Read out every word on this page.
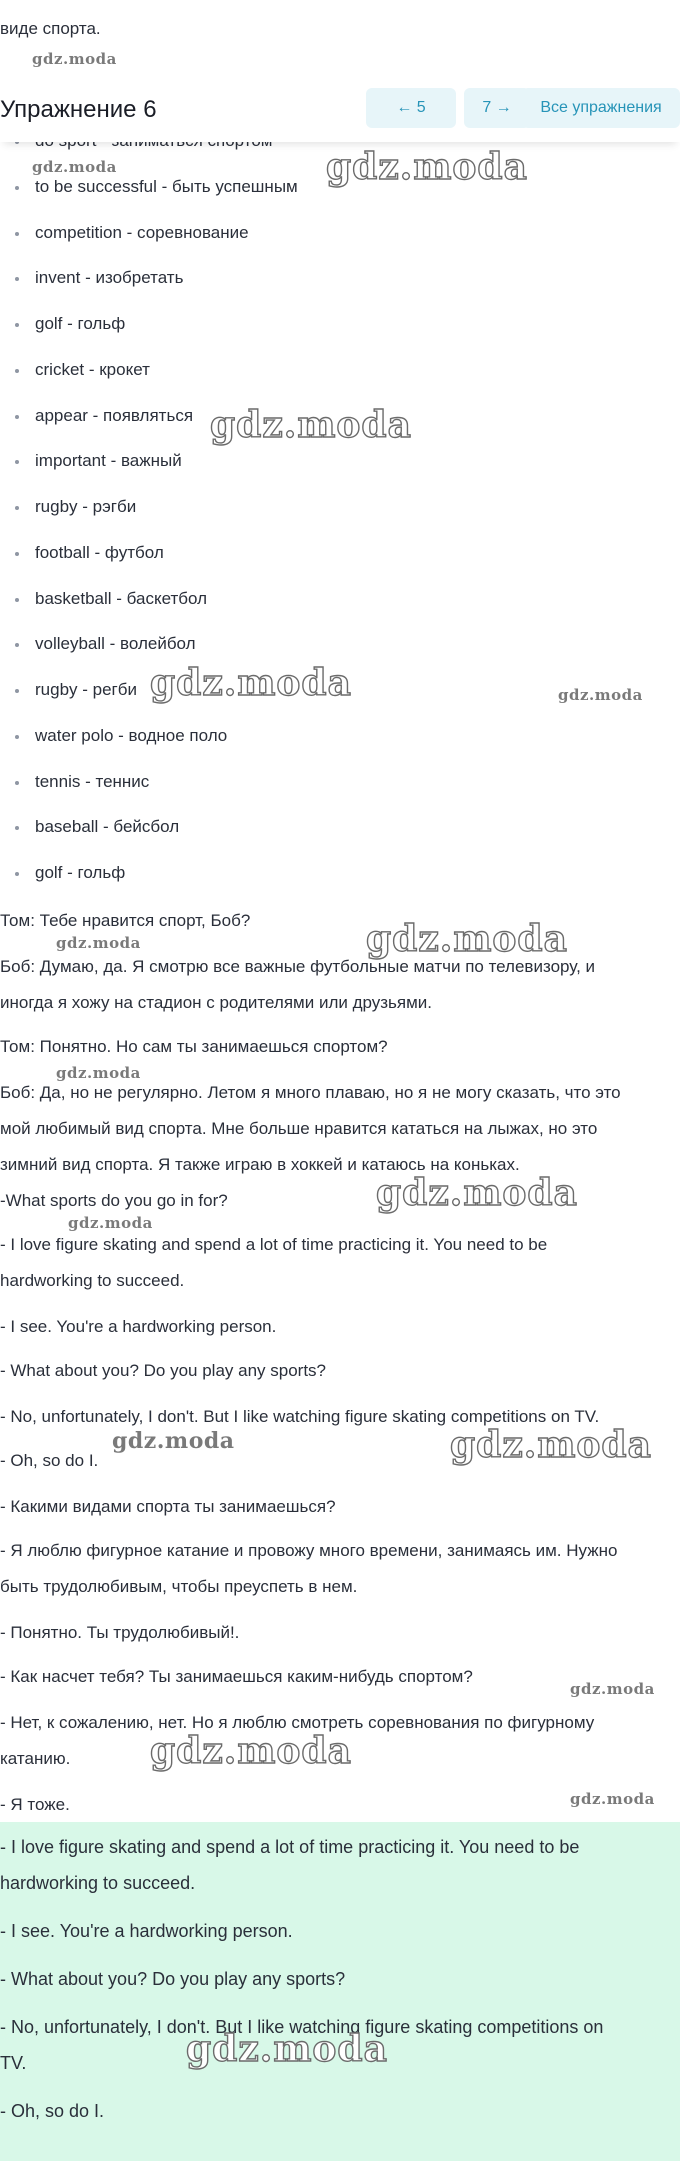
виде спорта.
gdz.moda
to be successful - быть успешным
competition - соревнование
invent - изобретать
golf - гольф
cricket - крокет
appear - появляться
important - важный
rugby - рэгби
football - футбол
basketball - баскетбол
volleyball - волейбол
rugby - регби
water polo - водное поло
tennis - теннис
baseball - бейсбол
golf - гольф
Упражнение 6	← 5	7 →	Все упражнения
gdz.moda	gdz.moda
gdz.moda
gdz.moda	gdz.moda
Том: Тебе нравится спорт, Боб?
gdz.moda	gdz.moda
Боб: Думаю, да. Я смотрю все важные футбольные матчи по телевизору, и
иногда я хожу на стадион с родителями или друзьями.
Том: Понятно. Но сам ты занимаешься спортом?
gdz.moda
Боб: Да, но не регулярно. Летом я много плаваю, но я не могу сказать, что это
мой любимый вид спорта. Мне больше нравится кататься на лыжах, но это
зимний вид спорта. Я также играю в хоккей и катаюсь на коньках.
-What sports do you go in for?	gdz.moda
gdz.moda
- I love figure skating and spend a lot of time practicing it. You need to be
hardworking to succeed.
- I see. You're a hardworking person.
- What about you? Do you play any sports?
- No, unfortunately, I don't. But I like watching figure skating competitions on TV.
- Oh, so do I.
gdz.moda	gdz.moda
- Какими видами спорта ты занимаешься?
- Я люблю фигурное катание и провожу много времени, занимаясь им. Нужно
быть трудолюбивым, чтобы преуспеть в нем.
- Понятно. Ты трудолюбивый!.
- Как насчет тебя? Ты занимаешься каким-нибудь спортом?
gdz.moda
- Нет, к сожалению, нет. Но я люблю смотреть соревнования по фигурному
катанию. gdz.moda
- Я тоже.	gdz.moda
- I love figure skating and spend a lot of time practicing it. You need to be
hardworking to succeed.
- I see. You're a hardworking person.
- What about you? Do you play any sports?
- No, unfortunately, I don't. But I like watching figure skating competitions on
TV.	gdz.moda
- Oh, so do I.
